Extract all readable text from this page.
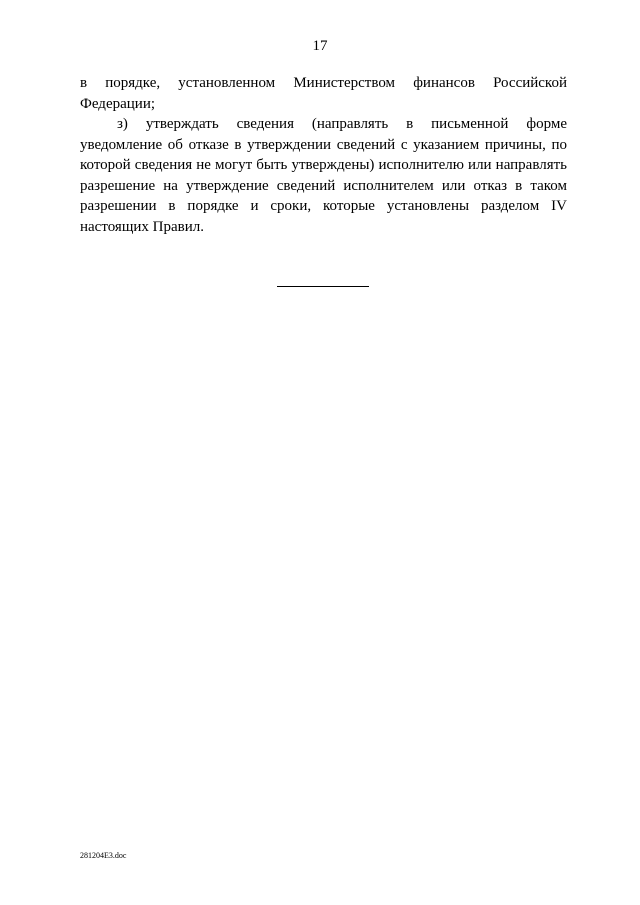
17

в порядке, установленном Министерством финансов Российской Федерации;

з) утверждать сведения (направлять в письменной форме уведомление об отказе в утверждении сведений с указанием причины, по которой сведения не могут быть утверждены) исполнителю или направлять разрешение на утверждение сведений исполнителем или отказ в таком разрешении в порядке и сроки, которые установлены разделом IV настоящих Правил.

281204E3.doc
